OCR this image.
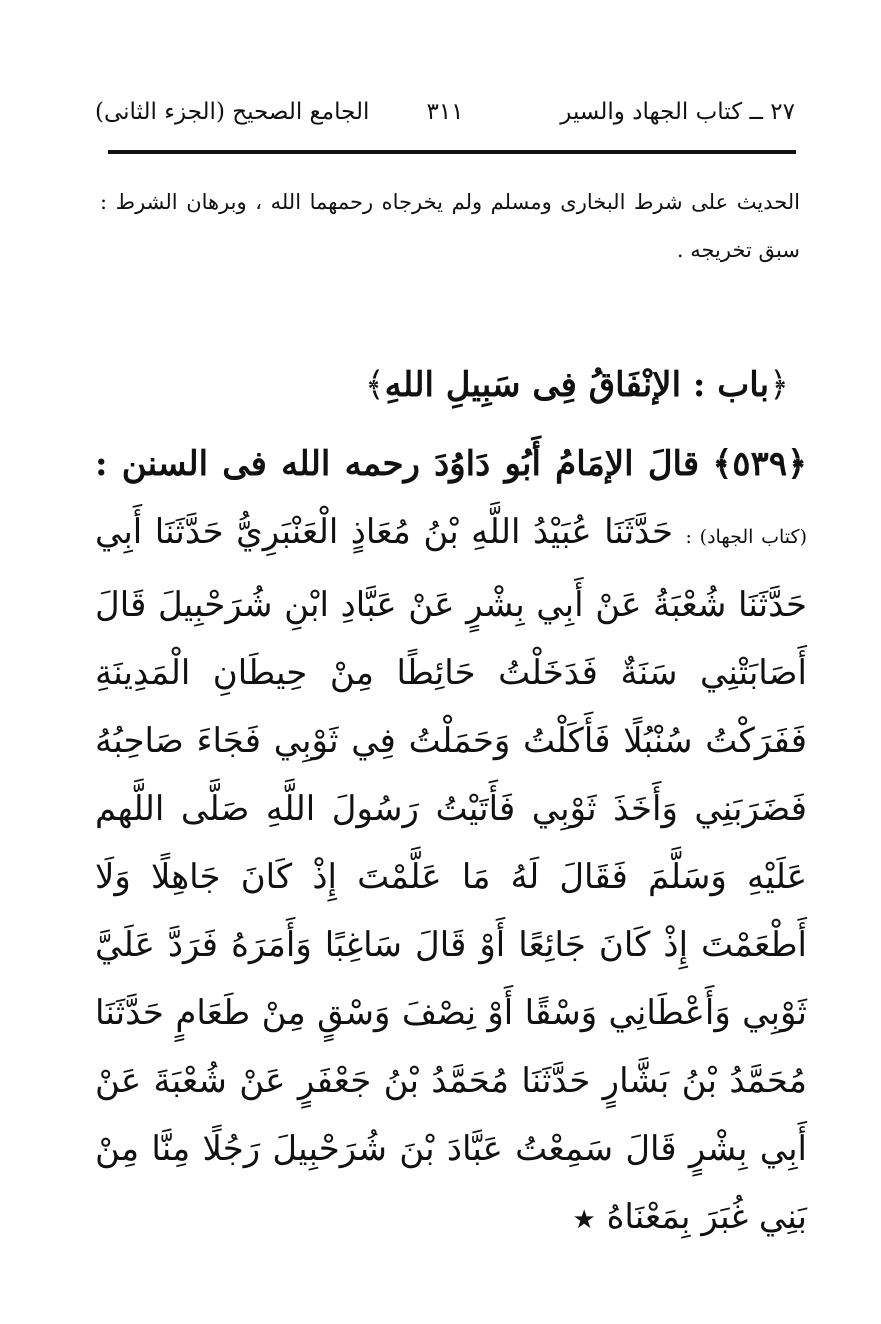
٢٧ ــ كتاب الجهاد والسير
٣١١
الجامع الصحيح (الجزء الثانى)

الحديث على شرط البخارى ومسلم ولم يخرجاه رحمهما الله ، وبرهان الشرط : سبق تخريجه .

﴿باب : الإنْفَاقُ فِى سَبِيلِ اللهِ﴾

﴿٥٣٩﴾ قالَ الإمَامُ أَبُو دَاوُدَ رحمه الله فى السنن : (كتاب الجهاد) : حَدَّثَنَا عُبَيْدُ اللَّهِ بْنُ مُعَاذٍ الْعَنْبَرِيُّ حَدَّثَنَا أَبِي حَدَّثَنَا شُعْبَةُ عَنْ أَبِي بِشْرٍ عَنْ عَبَّادِ ابْنِ شُرَحْبِيلَ قَالَ أَصَابَتْنِي سَنَةٌ فَدَخَلْتُ حَائِطًا مِنْ حِيطَانِ الْمَدِينَةِ فَفَرَكْتُ سُنْبُلًا فَأَكَلْتُ وَحَمَلْتُ فِي ثَوْبِي فَجَاءَ صَاحِبُهُ فَضَرَبَنِي وَأَخَذَ ثَوْبِي فَأَتَيْتُ رَسُولَ اللَّهِ صَلَّى اللَّهم عَلَيْهِ وَسَلَّمَ فَقَالَ لَهُ مَا عَلَّمْتَ إِذْ كَانَ جَاهِلًا وَلَا أَطْعَمْتَ إِذْ كَانَ جَائِعًا أَوْ قَالَ سَاغِبًا وَأَمَرَهُ فَرَدَّ عَلَيَّ ثَوْبِي وَأَعْطَانِي وَسْقًا أَوْ نِصْفَ وَسْقٍ مِنْ طَعَامٍ حَدَّثَنَا مُحَمَّدُ بْنُ بَشَّارٍ حَدَّثَنَا مُحَمَّدُ بْنُ جَعْفَرٍ عَنْ شُعْبَةَ عَنْ أَبِي بِشْرٍ قَالَ سَمِعْتُ عَبَّادَ بْنَ شُرَحْبِيلَ رَجُلًا مِنَّا مِنْ بَنِي غُبَرَ بِمَعْنَاهُ ★
